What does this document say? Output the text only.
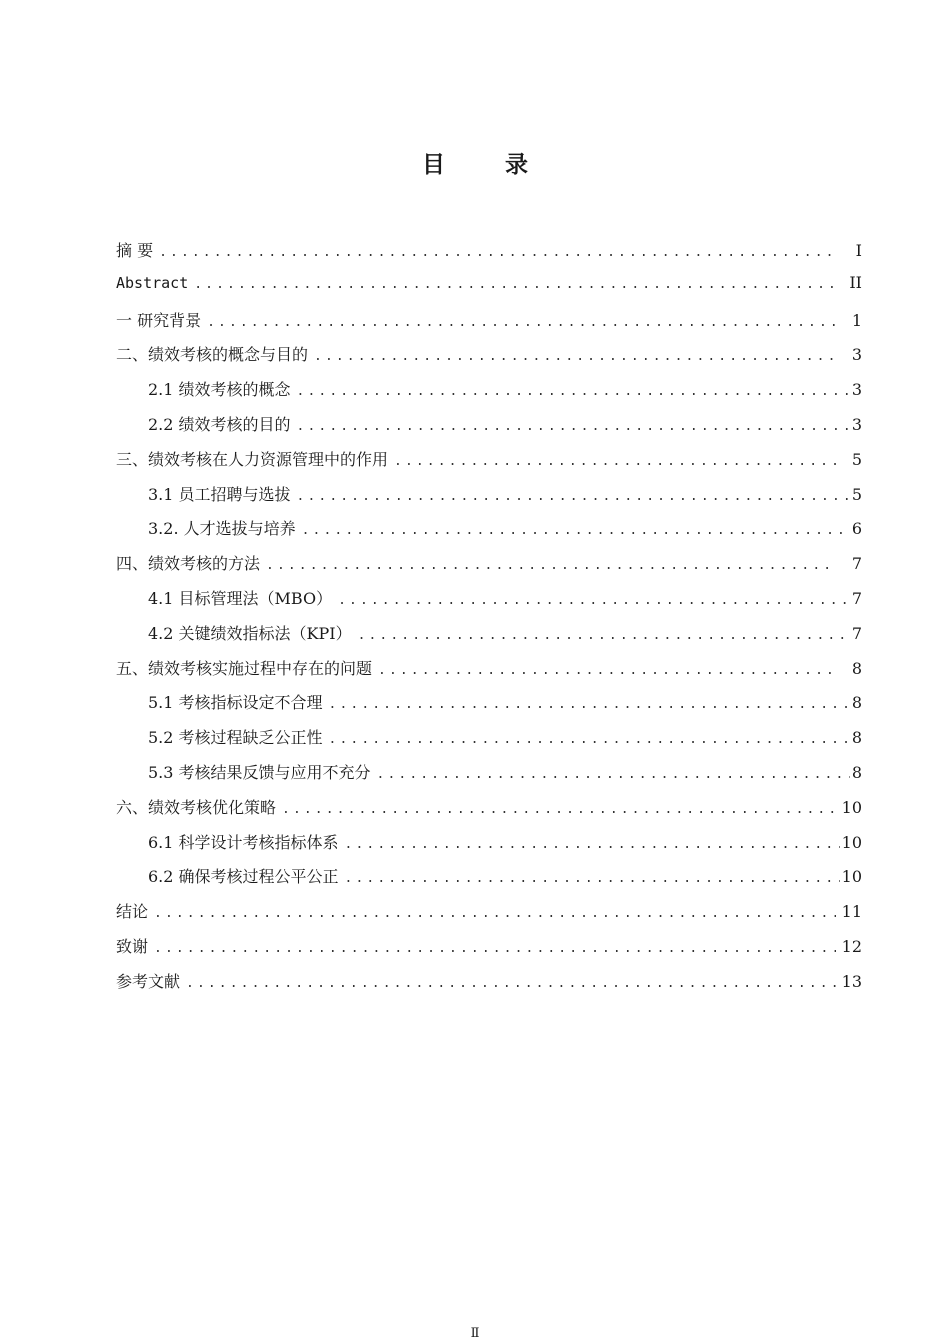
目 录
摘 要 .....	I
Abstract .....	II
一 研究背景 .....	1
二、绩效考核的概念与目的 .....	3
2.1 绩效考核的概念 .....	3
2.2 绩效考核的目的 .....	3
三、绩效考核在人力资源管理中的作用 .....	5
3.1 员工招聘与选拔 .....	5
3.2. 人才选拔与培养 .....	6
四、绩效考核的方法 .....	7
4.1 目标管理法（MBO） .....	7
4.2 关键绩效指标法（KPI） .....	7
五、绩效考核实施过程中存在的问题 .....	8
5.1 考核指标设定不合理 .....	8
5.2 考核过程缺乏公正性 .....	8
5.3 考核结果反馈与应用不充分 .....	8
六、绩效考核优化策略 .....	10
6.1 科学设计考核指标体系 .....	10
6.2 确保考核过程公平公正 .....	10
结论 .....	11
致谢 .....	12
参考文献 .....	13
Ⅱ
